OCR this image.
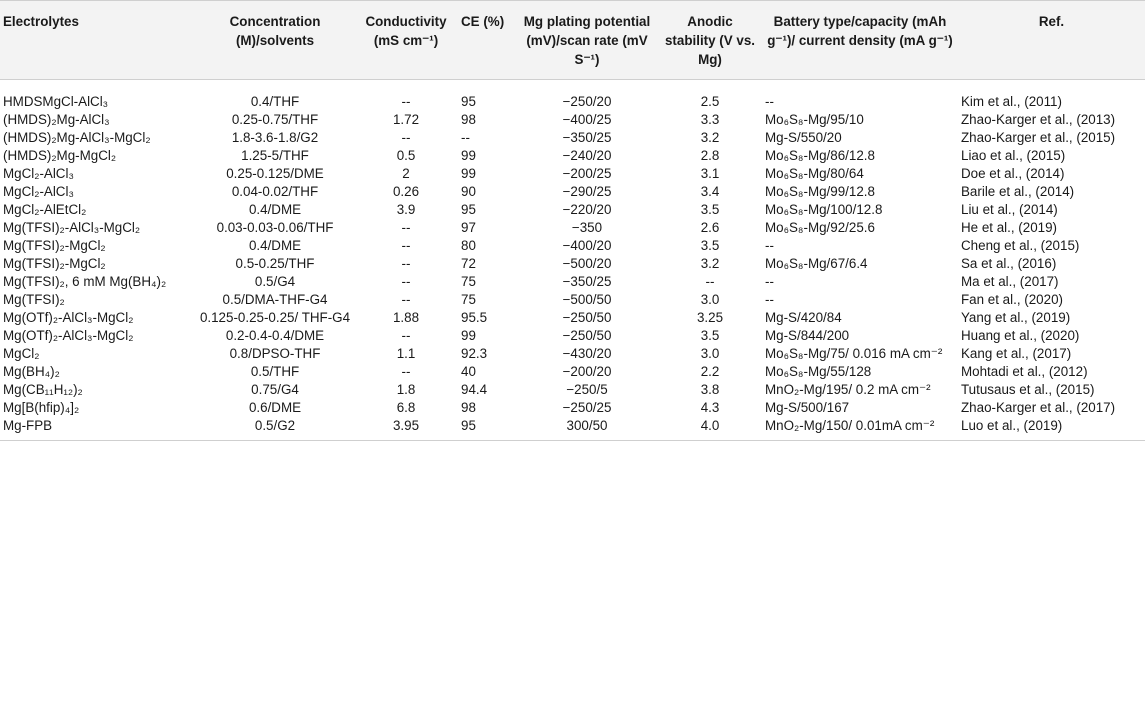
Electrolytes	Concentration (M)/solvents	Conductivity (mS cm⁻¹)	CE (%)	Mg plating potential (mV)/scan rate (mV S⁻¹)	Anodic stability (V vs. Mg)	Battery type/capacity (mAh g⁻¹)/ current density (mA g⁻¹)	Ref.
HMDSMgCl-AlCl₃	0.4/THF	--	95	−250/20	2.5	--	Kim et al., (2011)
(HMDS)₂Mg-AlCl₃	0.25-0.75/THF	1.72	98	−400/25	3.3	Mo₆S₈-Mg/95/10	Zhao-Karger et al., (2013)
(HMDS)₂Mg-AlCl₃-MgCl₂	1.8-3.6-1.8/G2	--	--	−350/25	3.2	Mg-S/550/20	Zhao-Karger et al., (2015)
(HMDS)₂Mg-MgCl₂	1.25-5/THF	0.5	99	−240/20	2.8	Mo₆S₈-Mg/86/12.8	Liao et al., (2015)
MgCl₂-AlCl₃	0.25-0.125/DME	2	99	−200/25	3.1	Mo₆S₈-Mg/80/64	Doe et al., (2014)
MgCl₂-AlCl₃	0.04-0.02/THF	0.26	90	−290/25	3.4	Mo₆S₈-Mg/99/12.8	Barile et al., (2014)
MgCl₂-AlEtCl₂	0.4/DME	3.9	95	−220/20	3.5	Mo₆S₈-Mg/100/12.8	Liu et al., (2014)
Mg(TFSI)₂-AlCl₃-MgCl₂	0.03-0.03-0.06/THF	--	97	−350	2.6	Mo₆S₈-Mg/92/25.6	He et al., (2019)
Mg(TFSI)₂-MgCl₂	0.4/DME	--	80	−400/20	3.5	--	Cheng et al., (2015)
Mg(TFSI)₂-MgCl₂	0.5-0.25/THF	--	72	−500/20	3.2	Mo₆S₈-Mg/67/6.4	Sa et al., (2016)
Mg(TFSI)₂, 6 mM Mg(BH₄)₂	0.5/G4	--	75	−350/25	--	--	Ma et al., (2017)
Mg(TFSI)₂	0.5/DMA-THF-G4	--	75	−500/50	3.0	--	Fan et al., (2020)
Mg(OTf)₂-AlCl₃-MgCl₂	0.125-0.25-0.25/ THF-G4	1.88	95.5	−250/50	3.25	Mg-S/420/84	Yang et al., (2019)
Mg(OTf)₂-AlCl₃-MgCl₂	0.2-0.4-0.4/DME	--	99	−250/50	3.5	Mg-S/844/200	Huang et al., (2020)
MgCl₂	0.8/DPSO-THF	1.1	92.3	−430/20	3.0	Mo₆S₈-Mg/75/ 0.016 mA cm⁻²	Kang et al., (2017)
Mg(BH₄)₂	0.5/THF	--	40	−200/20	2.2	Mo₆S₈-Mg/55/128	Mohtadi et al., (2012)
Mg(CB₁₁H₁₂)₂	0.75/G4	1.8	94.4	−250/5	3.8	MnO₂-Mg/195/ 0.2 mA cm⁻²	Tutusaus et al., (2015)
Mg[B(hfip)₄]₂	0.6/DME	6.8	98	−250/25	4.3	Mg-S/500/167	Zhao-Karger et al., (2017)
Mg-FPB	0.5/G2	3.95	95	300/50	4.0	MnO₂-Mg/150/ 0.01mA cm⁻²	Luo et al., (2019)
